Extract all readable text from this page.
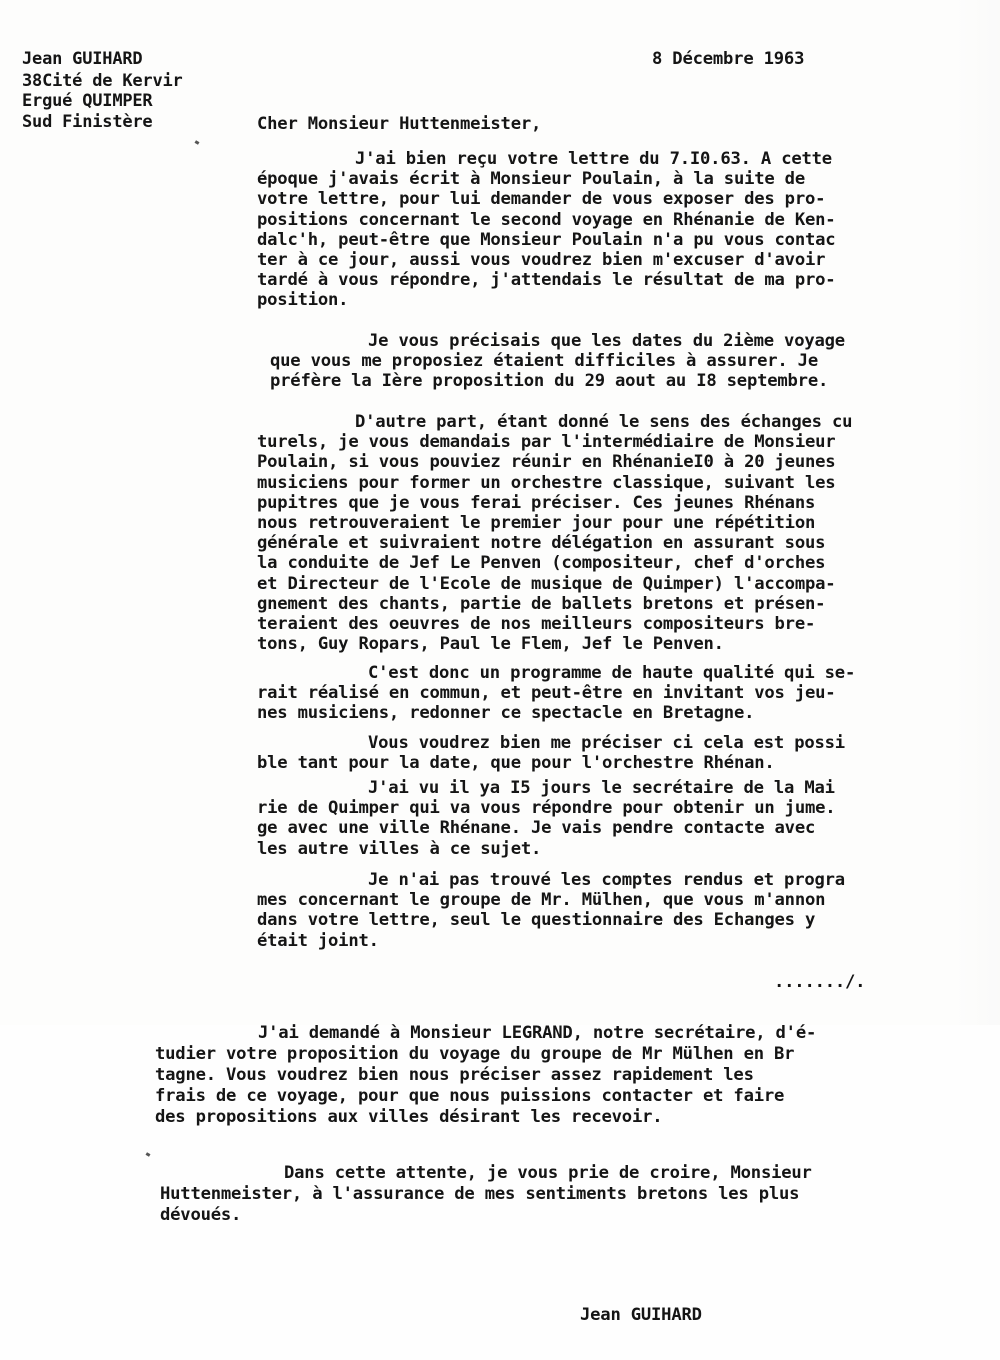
Jean GUIHARD
38Cité de Kervir
Ergué QUIMPER
Sud Finistère
8 Décembre 1963
Cher Monsieur Huttenmeister,
J'ai bien reçu votre lettre du 7.I0.63. A cette
époque j'avais écrit à Monsieur Poulain, à la suite de
votre lettre, pour lui demander de vous exposer des pro-
positions concernant le second voyage en Rhénanie de Ken-
dalc'h, peut-être que Monsieur Poulain n'a pu vous contac
ter à ce jour, aussi vous voudrez bien m'excuser d'avoir
tardé à vous répondre, j'attendais le résultat de ma pro-
position.
Je vous précisais que les dates du 2ième voyage
que vous me proposiez étaient difficiles à assurer. Je
préfère la Ière proposition du 29 aout au I8 septembre.
D'autre part, étant donné le sens des échanges cu
turels, je vous demandais par l'intermédiaire de Monsieur
Poulain, si vous pouviez réunir en RhénanieI0 à 20 jeunes
musiciens pour former un orchestre classique, suivant les
pupitres que je vous ferai préciser. Ces jeunes Rhénans
nous retrouveraient le premier jour pour une répétition
générale et suivraient notre délégation en assurant sous
la conduite de Jef Le Penven (compositeur, chef d'orches
et Directeur de l'Ecole de musique de Quimper) l'accompa-
gnement des chants, partie de ballets bretons et présen-
teraient des oeuvres de nos meilleurs compositeurs bre-
tons, Guy Ropars, Paul le Flem, Jef le Penven.
C'est donc un programme de haute qualité qui se-
rait réalisé en commun, et peut-être en invitant vos jeu-
nes musiciens, redonner ce spectacle en Bretagne.
Vous voudrez bien me préciser ci cela est possi
ble tant pour la date, que pour l'orchestre Rhénan.
J'ai vu il ya I5 jours le secrétaire de la Mai
rie de Quimper qui va vous répondre pour obtenir un jume.
ge avec une ville Rhénane. Je vais pendre contacte avec
les autre villes à ce sujet.
Je n'ai pas trouvé les comptes rendus et progra
mes concernant le groupe de Mr. Mülhen, que vous m'annon
dans votre lettre, seul le questionnaire des Echanges y
était joint.
......./.
J'ai demandé à Monsieur LEGRAND, notre secrétaire, d'é-
tudier votre proposition du voyage du groupe de Mr Mülhen en Br
tagne. Vous voudrez bien nous préciser assez rapidement les
frais de ce voyage, pour que nous puissions contacter et faire
des propositions aux villes désirant les recevoir.
Dans cette attente, je vous prie de croire, Monsieur
Huttenmeister, à l'assurance de mes sentiments bretons les plus
dévoués.
Jean GUIHARD
